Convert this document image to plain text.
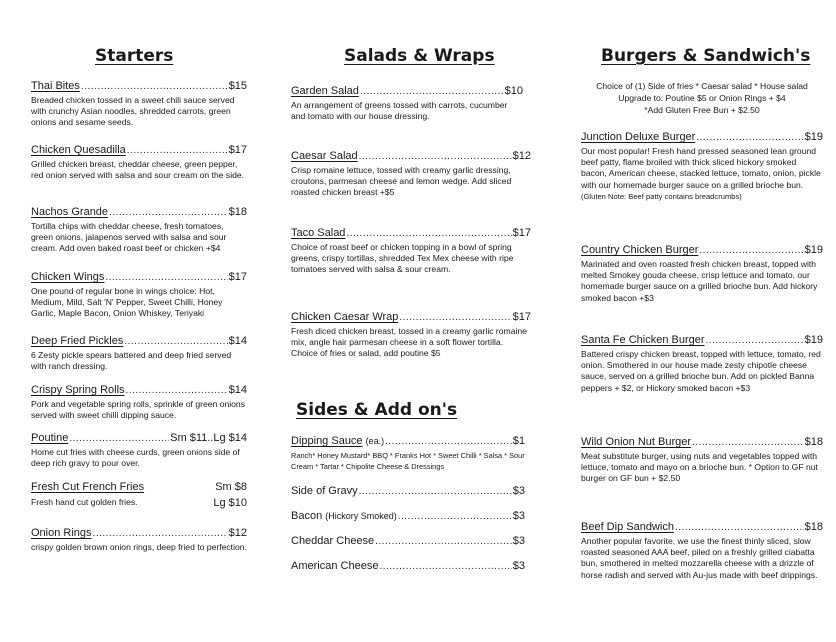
Starters
Thai Bites .....	$15
Breaded chicken tossed in a sweet chili sauce served with crunchy Asian noodles, shredded carrots, green onions and sesame seeds.
Chicken Quesadilla .....	$17
Grilled chicken breast, cheddar cheese, green pepper, red onion served with salsa and sour cream on the side.
Nachos Grande .....	$18
Tortilla chips with cheddar cheese, fresh tomatoes, green onions, jalapenos served with salsa and sour cream. Add oven baked roast beef or chicken +$4
Chicken Wings .....	$17
One pound of regular bone in wings choice: Hot, Medium, Mild, Salt 'N' Pepper, Sweet Chilli, Honey Garlic, Maple Bacon, Onion Whiskey, Teriyaki
Deep Fried Pickles .....	$14
6 Zesty pickle spears battered and deep fried served with ranch dressing.
Crispy Spring Rolls .....	$14
Pork and vegetable spring rolls, sprinkle of green onions served with sweet chilli dipping sauce.
Poutine .....	Sm $11..Lg $14
Home cut fries with cheese curds, green onions side of deep rich gravy to pour over.
Fresh Cut French Fries	Sm $8
Fresh hand cut golden fries.	Lg $10
Onion Rings .....	$12
crispy golden brown onion rings, deep fried to perfection.
Salads & Wraps
Garden Salad .....	$10
An arrangement of greens tossed with carrots, cucumber and tomato with our house dressing.
Caesar Salad .....	$12
Crisp romaine lettuce, tossed with creamy garlic dressing, croutons, parmesan cheese and lemon wedge. Add sliced roasted chicken breast +$5
Taco Salad .....	$17
Choice of roast beef or chicken topping in a bowl of spring greens, crispy tortillas, shredded Tex Mex cheese with ripe tomatoes served with salsa & sour cream.
Chicken Caesar Wrap .....	$17
Fresh diced chicken breast, tossed in a creamy garlic romaine mix, angle hair parmesan cheese in a soft flower tortilla. Choice of fries or salad, add poutine $5
Sides & Add on's
Dipping Sauce (ea.) .....	$1
Ranch* Honey Mustard* BBQ * Franks Hot * Sweet Chilli * Salsa * Sour Cream * Tartar * Chipolite Cheese & Dressings
Side of Gravy .....	$3
Bacon (Hickory Smoked) .....	$3
Cheddar Cheese .....	$3
American Cheese .....	$3
Burgers & Sandwich's
Choice of (1) Side of fries * Caesar salad * House salad
Upgrade to: Poutine $5 or Onion Rings + $4
*Add Gluten Free Bun + $2.50
Junction Deluxe Burger .....	$19
Our most popular! Fresh hand pressed seasoned lean ground beef patty, flame broiled with thick sliced hickory smoked bacon, American cheese, stacked lettuce, tomato, onion, pickle with our homemade burger sauce on a grilled brioche bun. (Gluten Note: Beef patty contains breadcrumbs)
Country Chicken Burger .....	$19
Marinated and oven roasted fresh chicken breast, topped with melted Smokey gouda cheese, crisp lettuce and tomato, our homemade burger sauce on a grilled brioche bun. Add hickory smoked bacon +$3
Santa Fe Chicken Burger .....	$19
Battered crispy chicken breast, topped with lettuce, tomato, red onion. Smothered in our house made zesty chipotle cheese sauce, served on a grilled brioche bun. Add on pickled Banna peppers + $2, or Hickory smoked bacon +$3
Wild Onion Nut Burger .....	$18
Meat substitute burger, using nuts and vegetables topped with lettuce, tomato and mayo on a brioche bun. * Option to GF nut burger on GF bun + $2.50
Beef Dip Sandwich .....	$18
Another popular favorite, we use the finest thinly sliced, slow roasted seasoned AAA beef, piled on a freshly grilled ciabatta bun, smothered in melted mozzarella cheese with a drizzle of horse radish and served with Au-jus made with beef drippings.
